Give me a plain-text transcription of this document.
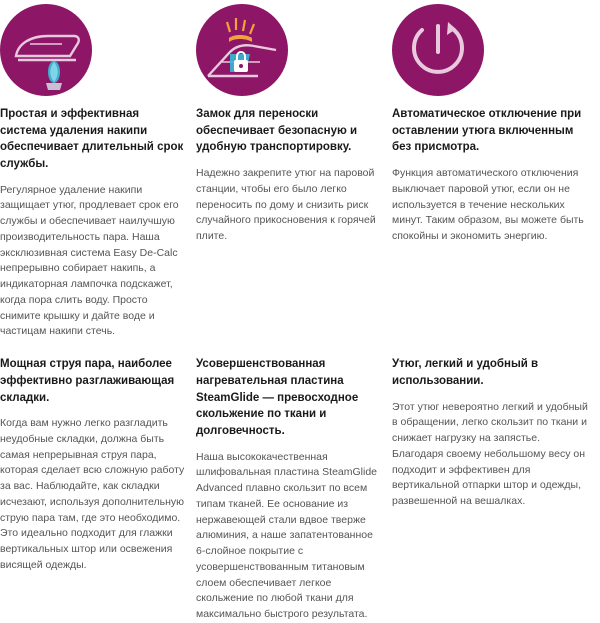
Простая и эффективная система удаления накипи обеспечивает длительный срок службы.

Регулярное удаление накипи защищает утюг, продлевает срок его службы и обеспечивает наилучшую производительность пара. Наша эксклюзивная система Easy De-Calc непрерывно собирает накипь, а индикаторная лампочка подскажет, когда пора слить воду. Просто снимите крышку и дайте воде и частицам накипи стечь.

Замок для переноски обеспечивает безопасную и удобную транспортировку.

Надежно закрепите утюг на паровой станции, чтобы его было легко переносить по дому и снизить риск случайного прикосновения к горячей плите.

Автоматическое отключение при оставлении утюга включенным без присмотра.

Функция автоматического отключения выключает паровой утюг, если он не используется в течение нескольких минут. Таким образом, вы можете быть спокойны и экономить энергию.

Мощная струя пара, наиболее эффективно разглаживающая складки.

Когда вам нужно легко разгладить неудобные складки, должна быть самая непрерывная струя пара, которая сделает всю сложную работу за вас. Наблюдайте, как складки исчезают, используя дополнительную струю пара там, где это необходимо. Это идеально подходит для глажки вертикальных штор или освежения висящей одежды.

Усовершенствованная нагревательная пластина SteamGlide — превосходное скольжение по ткани и долговечность.

Наша высококачественная шлифовальная пластина SteamGlide Advanced плавно скользит по всем типам тканей. Ее основание из нержавеющей стали вдвое тверже алюминия, а наше запатентованное 6-слойное покрытие с усовершенствованным титановым слоем обеспечивает легкое скольжение по любой ткани для максимально быстрого результата.

Утюг, легкий и удобный в использовании.

Этот утюг невероятно легкий и удобный в обращении, легко скользит по ткани и снижает нагрузку на запястье. Благодаря своему небольшому весу он подходит и эффективен для вертикальной отпарки штор и одежды, развешенной на вешалках.
